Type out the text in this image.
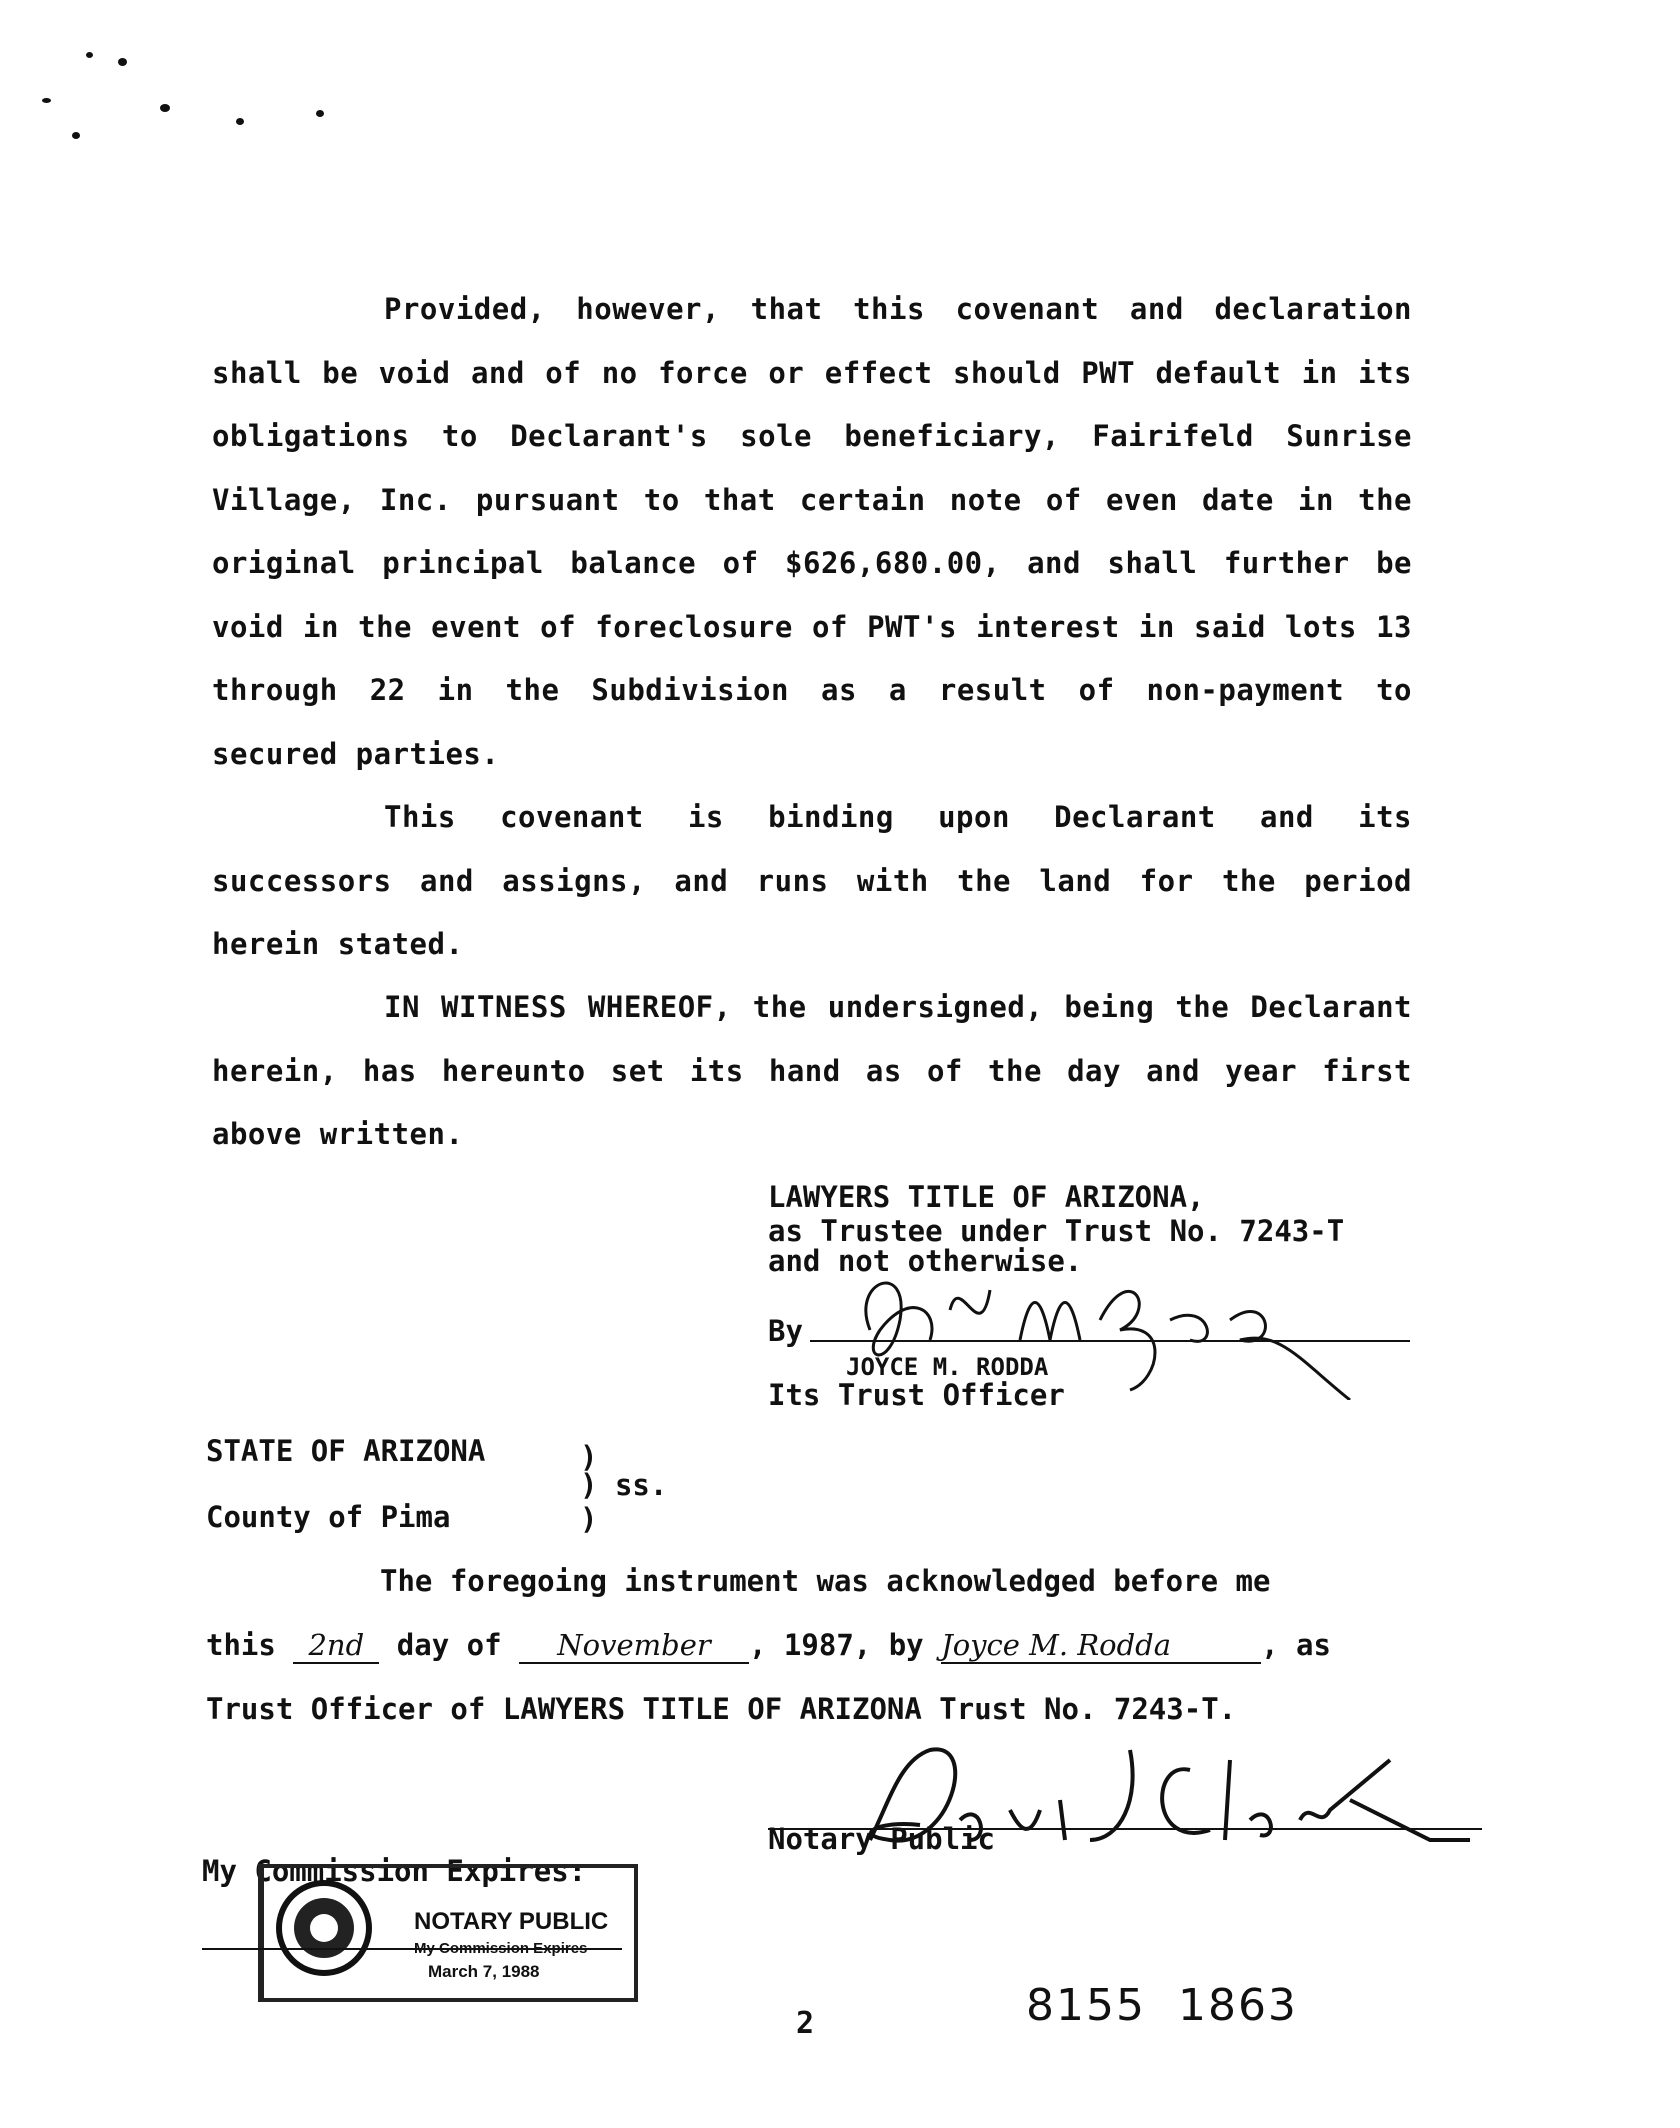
Provided, however, that this covenant and declaration shall be void and of no force or effect should PWT default in its obligations to Declarant's sole beneficiary, Fairifeld Sunrise Village, Inc. pursuant to that certain note of even date in the original principal balance of $626,680.00, and shall further be void in the event of foreclosure of PWT's interest in said lots 13 through 22 in the Subdivision as a result of non-payment to secured parties.
This covenant is binding upon Declarant and its successors and assigns, and runs with the land for the period herein stated.
IN WITNESS WHEREOF, the undersigned, being the Declarant herein, has hereunto set its hand as of the day and year first above written.
LAWYERS TITLE OF ARIZONA,
as Trustee under Trust No. 7243-T
and not otherwise.
By
JOYCE M. RODDA
Its Trust Officer
STATE OF ARIZONA	)
) ss.
County of Pima	)
The foregoing instrument was acknowledged before me
this 2nd day of November , 1987, by Joyce M. Rodda	, as
Trust Officer of LAWYERS TITLE OF ARIZONA Trust No. 7243-T.
Notary Public
My Commission Expires:
NOTARY PUBLIC
My Commission Expires
March 7, 1988
2	8155  1863
